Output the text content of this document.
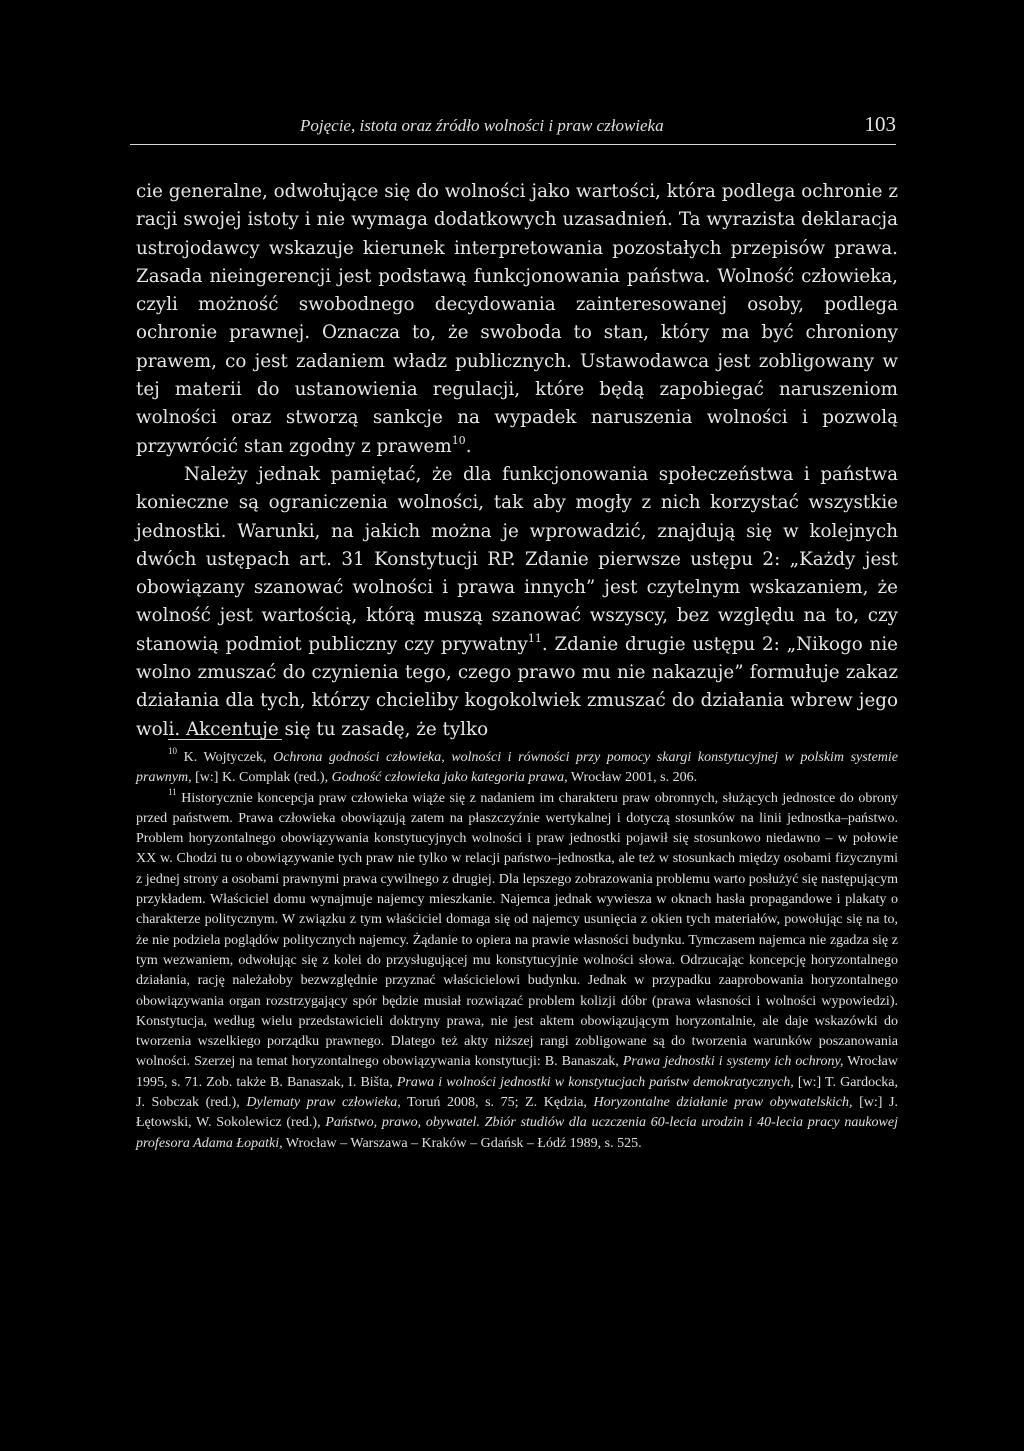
Pojęcie, istota oraz źródło wolności i praw człowieka	103

cie generalne, odwołujące się do wolności jako wartości, która podlega ochronie z racji swojej istoty i nie wymaga dodatkowych uzasadnień. Ta wyrazista deklaracja ustrojodawcy wskazuje kierunek interpretowania pozostałych przepisów prawa. Zasada nieingerencji jest podstawą funkcjonowania państwa. Wolność człowieka, czyli możność swobodnego decydowania zainteresowanej osoby, podlega ochronie prawnej. Oznacza to, że swoboda to stan, który ma być chroniony prawem, co jest zadaniem władz publicznych. Ustawodawca jest zobligowany w tej materii do ustanowienia regulacji, które będą zapobiegać naruszeniom wolności oraz stworzą sankcje na wypadek naruszenia wolności i pozwolą przywrócić stan zgodny z prawem$^{10}$.

Należy jednak pamiętać, że dla funkcjonowania społeczeństwa i państwa konieczne są ograniczenia wolności, tak aby mogły z nich korzystać wszystkie jednostki. Warunki, na jakich można je wprowadzić, znajdują się w kolejnych dwóch ustępach art. 31 Konstytucji RP. Zdanie pierwsze ustępu 2: „Każdy jest obowiązany szanować wolności i prawa innych” jest czytelnym wskazaniem, że wolność jest wartością, którą muszą szanować wszyscy, bez względu na to, czy stanowią podmiot publiczny czy prywatny$^{11}$. Zdanie drugie ustępu 2: „Nikogo nie wolno zmuszać do czynienia tego, czego prawo mu nie nakazuje” formułuje zakaz działania dla tych, którzy chcieliby kogokolwiek zmuszać do działania wbrew jego woli. Akcentuje się tu zasadę, że tylko

$^{10}$ K. Wojtyczek, Ochrona godności człowieka, wolności i równości przy pomocy skargi konstytucyjnej w polskim systemie prawnym, [w:] K. Complak (red.), Godność człowieka jako kategoria prawa, Wrocław 2001, s. 206.

$^{11}$ Historycznie koncepcja praw człowieka wiąże się z nadaniem im charakteru praw obronnych, służących jednostce do obrony przed państwem. Prawa człowieka obowiązują zatem na płaszczyźnie wertykalnej i dotyczą stosunków na linii jednostka–państwo. Problem horyzontalnego obowiązywania konstytucyjnych wolności i praw jednostki pojawił się stosunkowo niedawno – w połowie XX w. Chodzi tu o obowiązywanie tych praw nie tylko w relacji państwo–jednostka, ale też w stosunkach między osobami fizycznymi z jednej strony a osobami prawnymi prawa cywilnego z drugiej. Dla lepszego zobrazowania problemu warto posłużyć się następującym przykładem. Właściciel domu wynajmuje najemcy mieszkanie. Najemca jednak wywiesza w oknach hasła propagandowe i plakaty o charakterze politycznym. W związku z tym właściciel domaga się od najemcy usunięcia z okien tych materiałów, powołując się na to, że nie podziela poglądów politycznych najemcy. Żądanie to opiera na prawie własności budynku. Tymczasem najemca nie zgadza się z tym wezwaniem, odwołując się z kolei do przysługującej mu konstytucyjnie wolności słowa. Odrzucając koncepcję horyzontalnego działania, rację należałoby bezwzględnie przyznać właścicielowi budynku. Jednak w przypadku zaaprobowania horyzontalnego obowiązywania organ rozstrzygający spór będzie musiał rozwiązać problem kolizji dóbr (prawa własności i wolności wypowiedzi). Konstytucja, według wielu przedstawicieli doktryny prawa, nie jest aktem obowiązującym horyzontalnie, ale daje wskazówki do tworzenia wszelkiego porządku prawnego. Dlatego też akty niższej rangi zobligowane są do tworzenia warunków poszanowania wolności. Szerzej na temat horyzontalnego obowiązywania konstytucji: B. Banaszak, Prawa jednostki i systemy ich ochrony, Wrocław 1995, s. 71. Zob. także B. Banaszak, I. Bišta, Prawa i wolności jednostki w konstytucjach państw demokratycznych, [w:] T. Gardocka, J. Sobczak (red.), Dylematy praw człowieka, Toruń 2008, s. 75; Z. Kędzia, Horyzontalne działanie praw obywatelskich, [w:] J. Łętowski, W. Sokolewicz (red.), Państwo, prawo, obywatel. Zbiór studiów dla uczczenia 60-lecia urodzin i 40-lecia pracy naukowej profesora Adama Łopatki, Wrocław – Warszawa – Kraków – Gdańsk – Łódź 1989, s. 525.
